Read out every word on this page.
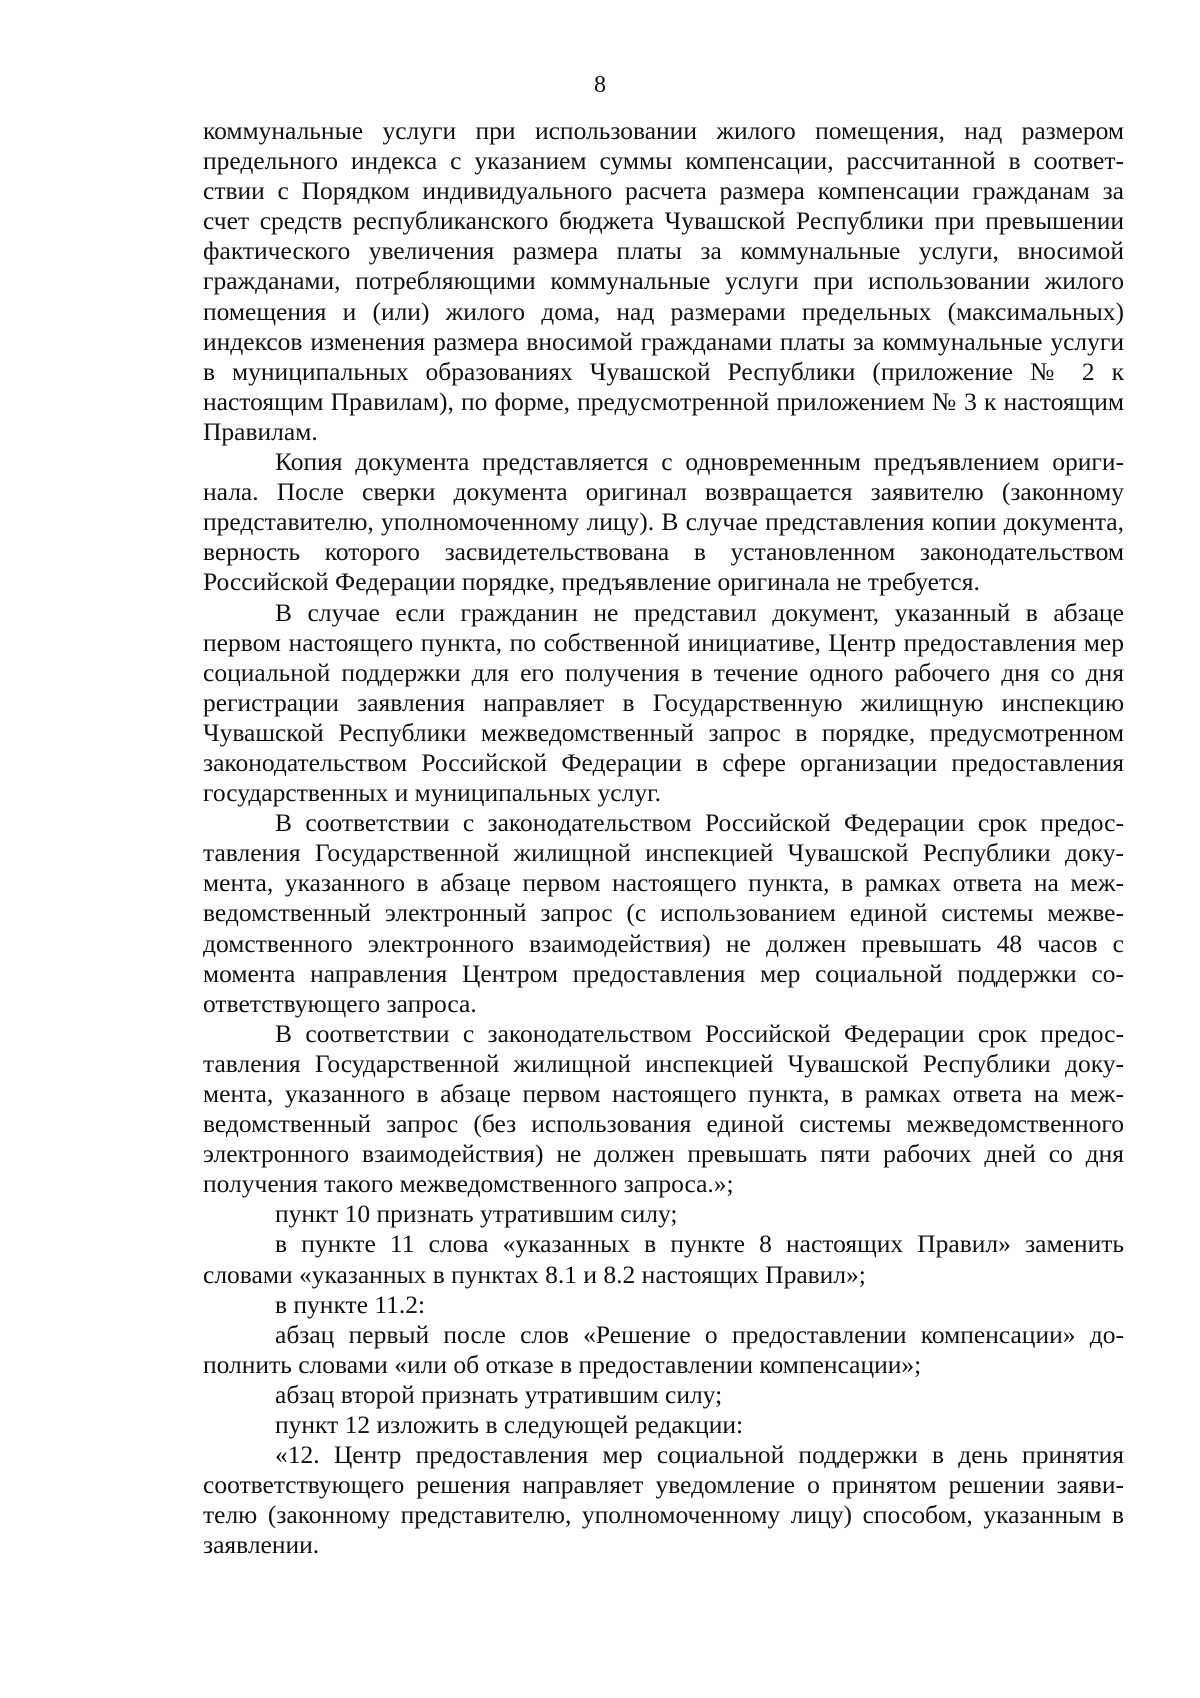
8

коммунальные услуги при использовании жилого помещения, над размером предельного индекса с указанием суммы компенсации, рассчитанной в соответствии с Порядком индивидуального расчета размера компенсации гражданам за счет средств республиканского бюджета Чувашской Республики при превышении фактического увеличения размера платы за коммунальные услуги, вносимой гражданами, потребляющими коммунальные услуги при использовании жилого помещения и (или) жилого дома, над размерами предельных (максимальных) индексов изменения размера вносимой гражданами платы за коммунальные услуги в муниципальных образованиях Чувашской Республики (приложение № 2 к настоящим Правилам), по форме, предусмотренной приложением № 3 к настоящим Правилам.

Копия документа представляется с одновременным предъявлением оригинала. После сверки документа оригинал возвращается заявителю (законному представителю, уполномоченному лицу). В случае представления копии документа, верность которого засвидетельствована в установленном законодательством Российской Федерации порядке, предъявление оригинала не требуется.

В случае если гражданин не представил документ, указанный в абзаце первом настоящего пункта, по собственной инициативе, Центр предоставления мер социальной поддержки для его получения в течение одного рабочего дня со дня регистрации заявления направляет в Государственную жилищную инспекцию Чувашской Республики межведомственный запрос в порядке, предусмотренном законодательством Российской Федерации в сфере организации предоставления государственных и муниципальных услуг.

В соответствии с законодательством Российской Федерации срок предоставления Государственной жилищной инспекцией Чувашской Республики документа, указанного в абзаце первом настоящего пункта, в рамках ответа на межведомственный электронный запрос (с использованием единой системы межведомственного электронного взаимодействия) не должен превышать 48 часов с момента направления Центром предоставления мер социальной поддержки соответствующего запроса.

В соответствии с законодательством Российской Федерации срок предоставления Государственной жилищной инспекцией Чувашской Республики документа, указанного в абзаце первом настоящего пункта, в рамках ответа на межведомственный запрос (без использования единой системы межведомственного электронного взаимодействия) не должен превышать пяти рабочих дней со дня получения такого межведомственного запроса.»;

пункт 10 признать утратившим силу;

в пункте 11 слова «указанных в пункте 8 настоящих Правил» заменить словами «указанных в пунктах 8.1 и 8.2 настоящих Правил»;

в пункте 11.2:

абзац первый после слов «Решение о предоставлении компенсации» дополнить словами «или об отказе в предоставлении компенсации»;

абзац второй признать утратившим силу;

пункт 12 изложить в следующей редакции:

«12. Центр предоставления мер социальной поддержки в день принятия соответствующего решения направляет уведомление о принятом решении заявителю (законному представителю, уполномоченному лицу) способом, указанным в заявлении.
